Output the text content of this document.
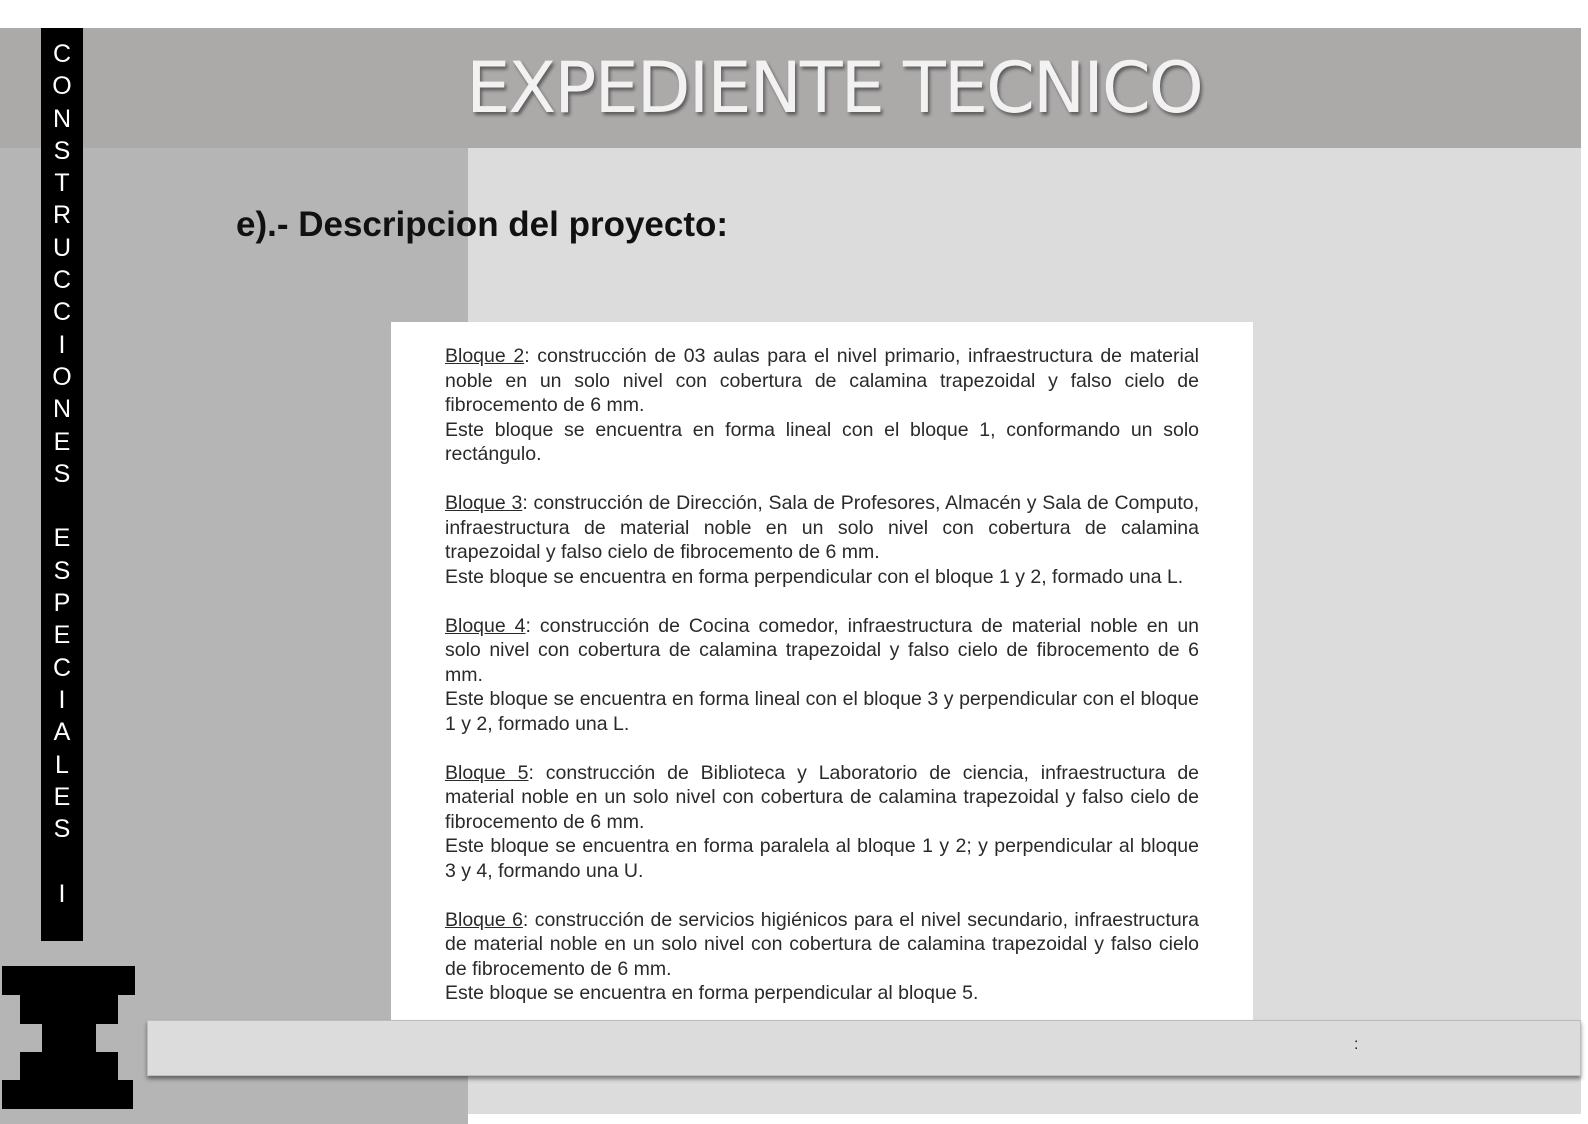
EXPEDIENTE TECNICO
C
O
N
S
T
R
U
C
C
I
O
N
E
S
E
S
P
E
C
I
A
L
E
S
I
e).- Descripcion del proyecto:

Bloque 2: construcción de 03 aulas para el nivel primario, infraestructura de material noble en un solo nivel con cobertura de calamina trapezoidal y falso cielo de fibrocemento de 6 mm.

Este bloque se encuentra en forma lineal con el bloque 1, conformando un solo rectángulo.

Bloque 3: construcción de Dirección, Sala de Profesores, Almacén y Sala de Computo, infraestructura de material noble en un solo nivel con cobertura de calamina trapezoidal y falso cielo de fibrocemento de 6 mm.

Este bloque se encuentra en forma perpendicular con el bloque 1 y 2, formado una L.

Bloque 4: construcción de Cocina comedor, infraestructura de material noble en un solo nivel con cobertura de calamina trapezoidal y falso cielo de fibrocemento de 6 mm.

Este bloque se encuentra en forma lineal con el bloque 3 y perpendicular con el bloque 1 y 2, formado una L.

Bloque 5: construcción de Biblioteca y Laboratorio de ciencia, infraestructura de material noble en un solo nivel con cobertura de calamina trapezoidal y falso cielo de fibrocemento de 6 mm.

Este bloque se encuentra en forma paralela al bloque 1 y 2; y perpendicular al bloque 3 y 4, formando una U.

Bloque 6: construcción de servicios higiénicos para el nivel secundario, infraestructura de material noble en un solo nivel con cobertura de calamina trapezoidal y falso cielo de fibrocemento de 6 mm.

Este bloque se encuentra en forma perpendicular al bloque 5.

:
